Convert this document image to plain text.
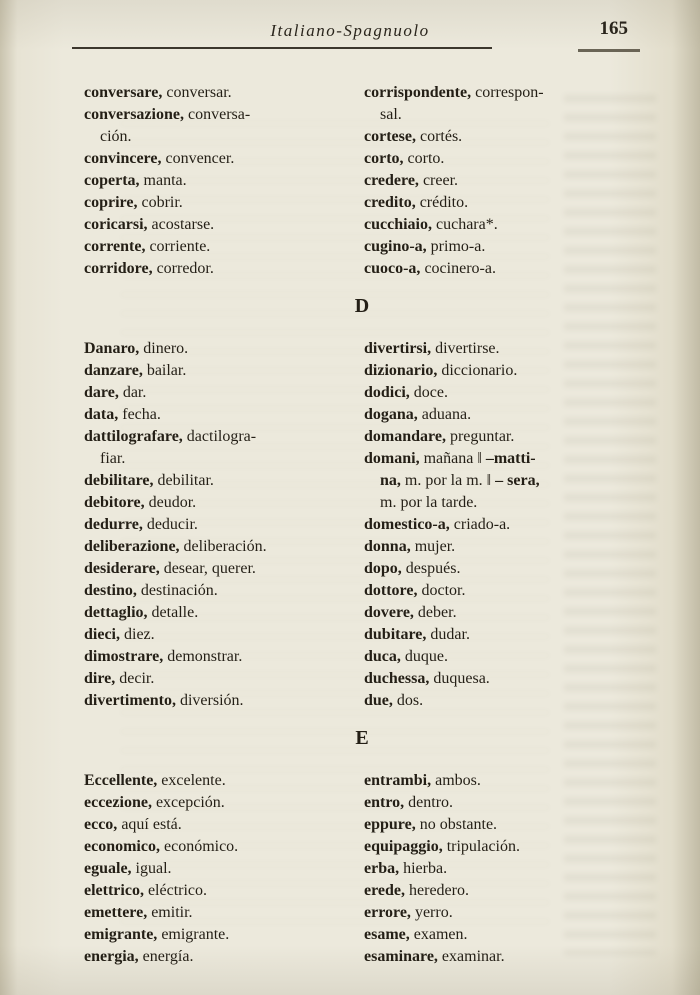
Italiano-Spagnuolo	165

conversare, conversar.

conversazione, conversa-
ción.

convincere, convencer.

coperta, manta.

coprire, cobrir.

coricarsi, acostarse.

corrente, corriente.

corridore, corredor.

corrispondente, correspon-
sal.

cortese, cortés.

corto, corto.

credere, creer.

credito, crédito.

cucchiaio, cuchara*.

cugino-a, primo-a.

cuoco-a, cocinero-a.

D

Danaro, dinero.

danzare, bailar.

dare, dar.

data, fecha.

dattilografare, dactilogra-
fiar.

debilitare, debilitar.

debitore, deudor.

dedurre, deducir.

deliberazione, deliberación.

desiderare, desear, querer.

destino, destinación.

dettaglio, detalle.

dieci, diez.

dimostrare, demonstrar.

dire, decir.

divertimento, diversión.

divertirsi, divertirse.

dizionario, diccionario.

dodici, doce.

dogana, aduana.

domandare, preguntar.

domani, mañana ‖ –matti-
na, m. por la m. ‖ – sera,
m. por la tarde.

domestico-a, criado-a.

donna, mujer.

dopo, después.

dottore, doctor.

dovere, deber.

dubitare, dudar.

duca, duque.

duchessa, duquesa.

due, dos.

E

Eccellente, excelente.

eccezione, excepción.

ecco, aquí está.

economico, económico.

eguale, igual.

elettrico, eléctrico.

emettere, emitir.

emigrante, emigrante.

energia, energía.

entrambi, ambos.

entro, dentro.

eppure, no obstante.

equipaggio, tripulación.

erba, hierba.

erede, heredero.

errore, yerro.

esame, examen.

esaminare, examinar.
